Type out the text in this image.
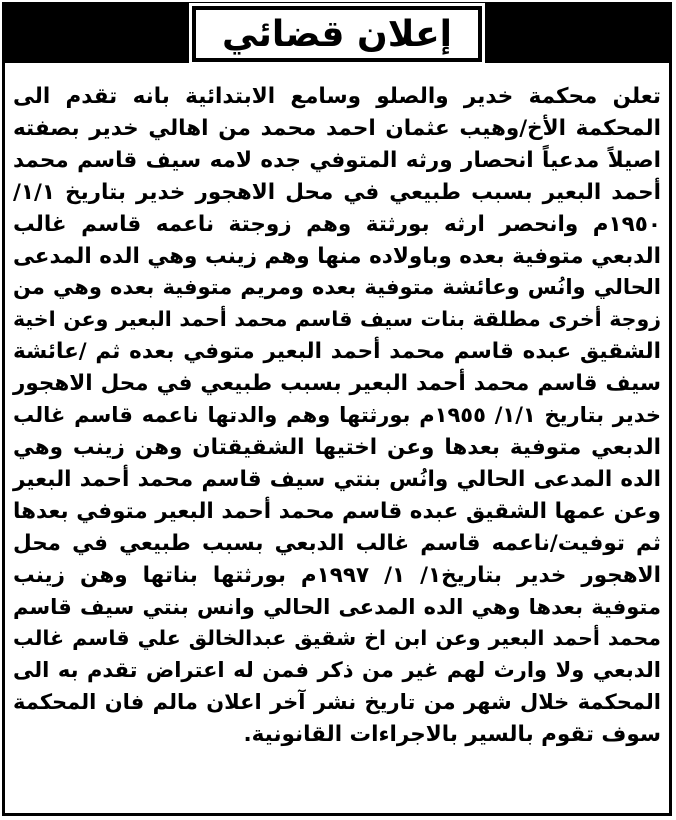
إعلان قضائي
تعلن محكمة خدير والصلو وسامع الابتدائية بانه تقدم الى
المحكمة الأخ/وهيب عثمان احمد محمد من اهالي خدير بصفته
اصيلاً مدعياً انحصار ورثه المتوفي جده لامه سيف قاسم محمد
أحمد البعير بسبب طبيعي في محل الاهجور خدير بتاريخ ١/١/
١٩٥٠م وانحصر ارثه بورثتة وهم زوجتة ناعمه قاسم غالب
الدبعي متوفية بعده وباولاده منها وهم زينب وهي الده المدعى
الحالي وانُس وعائشة متوفية بعده ومريم متوفية بعده وهي من
زوجة أخرى مطلقة بنات سيف قاسم محمد أحمد البعير وعن اخية
الشقيق عبده قاسم محمد أحمد البعير متوفي بعده ثم /عائشة
سيف قاسم محمد أحمد البعير بسبب طبيعي في محل الاهجور
خدير بتاريخ ١/١/ ١٩٥٥م بورثتها وهم والدتها ناعمه قاسم غالب
الدبعي متوفية بعدها وعن اختيها الشقيقتان وهن زينب وهي
الده المدعى الحالي وانُس بنتي سيف قاسم محمد أحمد البعير
وعن عمها الشقيق عبده قاسم محمد أحمد البعير متوفي بعدها
ثم توفيت/ناعمه قاسم غالب الدبعي بسبب طبيعي في محل
الاهجور خدير بتاريخ١/ ١/ ١٩٩٧م بورثتها بناتها وهن زينب
متوفية بعدها وهي الده المدعى الحالي وانس بنتي سيف قاسم
محمد أحمد البعير وعن ابن اخ شقيق عبدالخالق علي قاسم غالب
الدبعي ولا وارث لهم غير من ذكر فمن له اعتراض تقدم به الى
المحكمة خلال شهر من تاريخ نشر آخر اعلان مالم فان المحكمة
سوف تقوم بالسير بالاجراءات القانونية.
